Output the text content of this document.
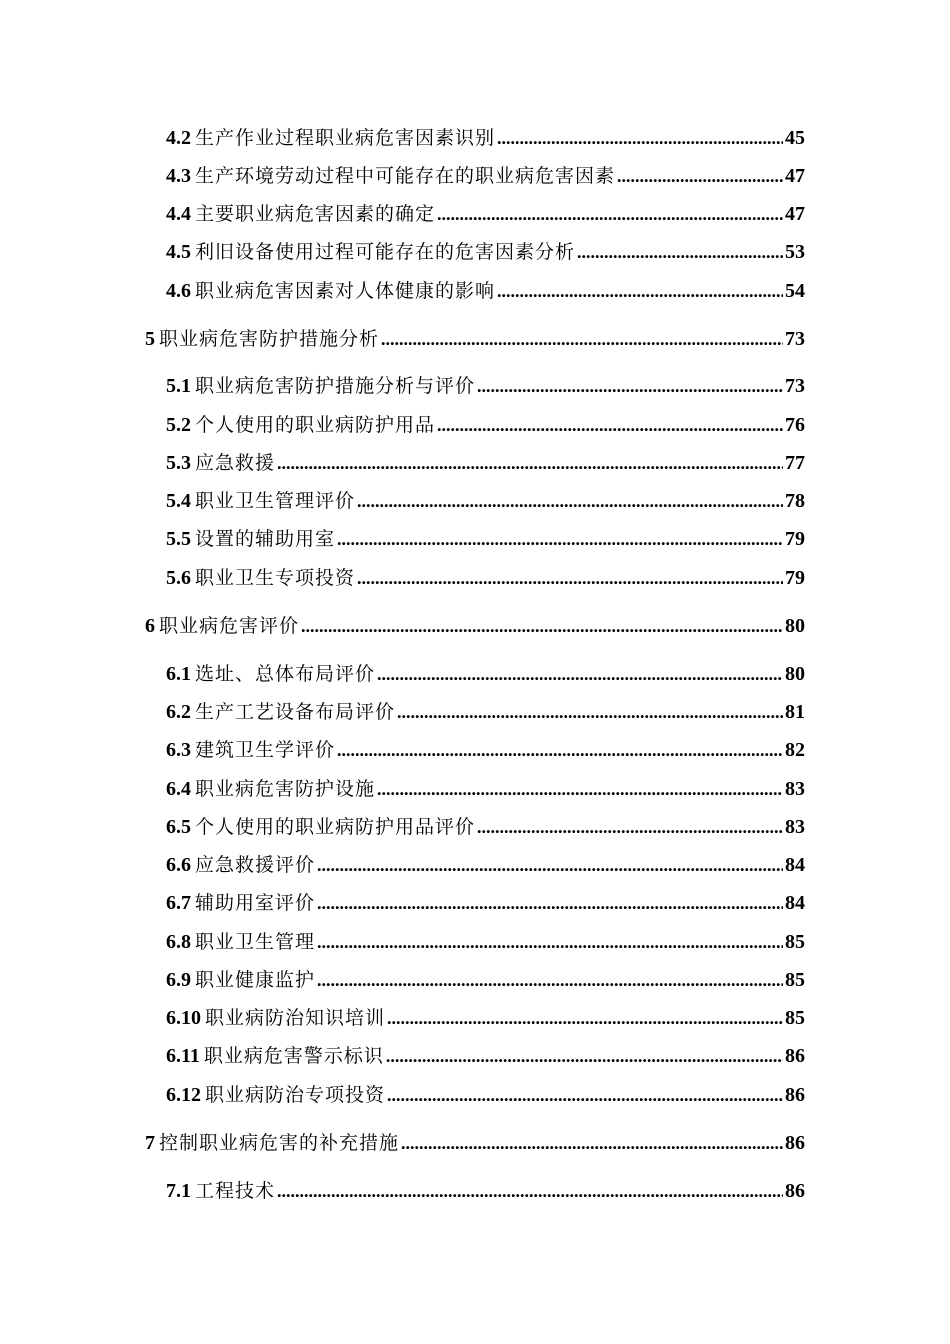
4.2 生产作业过程职业病危害因素识别 .....	45
4.3 生产环境劳动过程中可能存在的职业病危害因素 .....	47
4.4 主要职业病危害因素的确定 .....	47
4.5 利旧设备使用过程可能存在的危害因素分析 .....	53
4.6 职业病危害因素对人体健康的影响 .....	54
5 职业病危害防护措施分析 .....	73
5.1 职业病危害防护措施分析与评价 .....	73
5.2 个人使用的职业病防护用品 .....	76
5.3 应急救援 .....	77
5.4 职业卫生管理评价 .....	78
5.5 设置的辅助用室 .....	79
5.6 职业卫生专项投资 .....	79
6 职业病危害评价 .....	80
6.1 选址、总体布局评价 .....	80
6.2 生产工艺设备布局评价 .....	81
6.3 建筑卫生学评价 .....	82
6.4 职业病危害防护设施 .....	83
6.5 个人使用的职业病防护用品评价 .....	83
6.6 应急救援评价 .....	84
6.7 辅助用室评价 .....	84
6.8 职业卫生管理 .....	85
6.9 职业健康监护 .....	85
6.10 职业病防治知识培训 .....	85
6.11 职业病危害警示标识 .....	86
6.12 职业病防治专项投资 .....	86
7 控制职业病危害的补充措施 .....	86
7.1 工程技术 .....	86
